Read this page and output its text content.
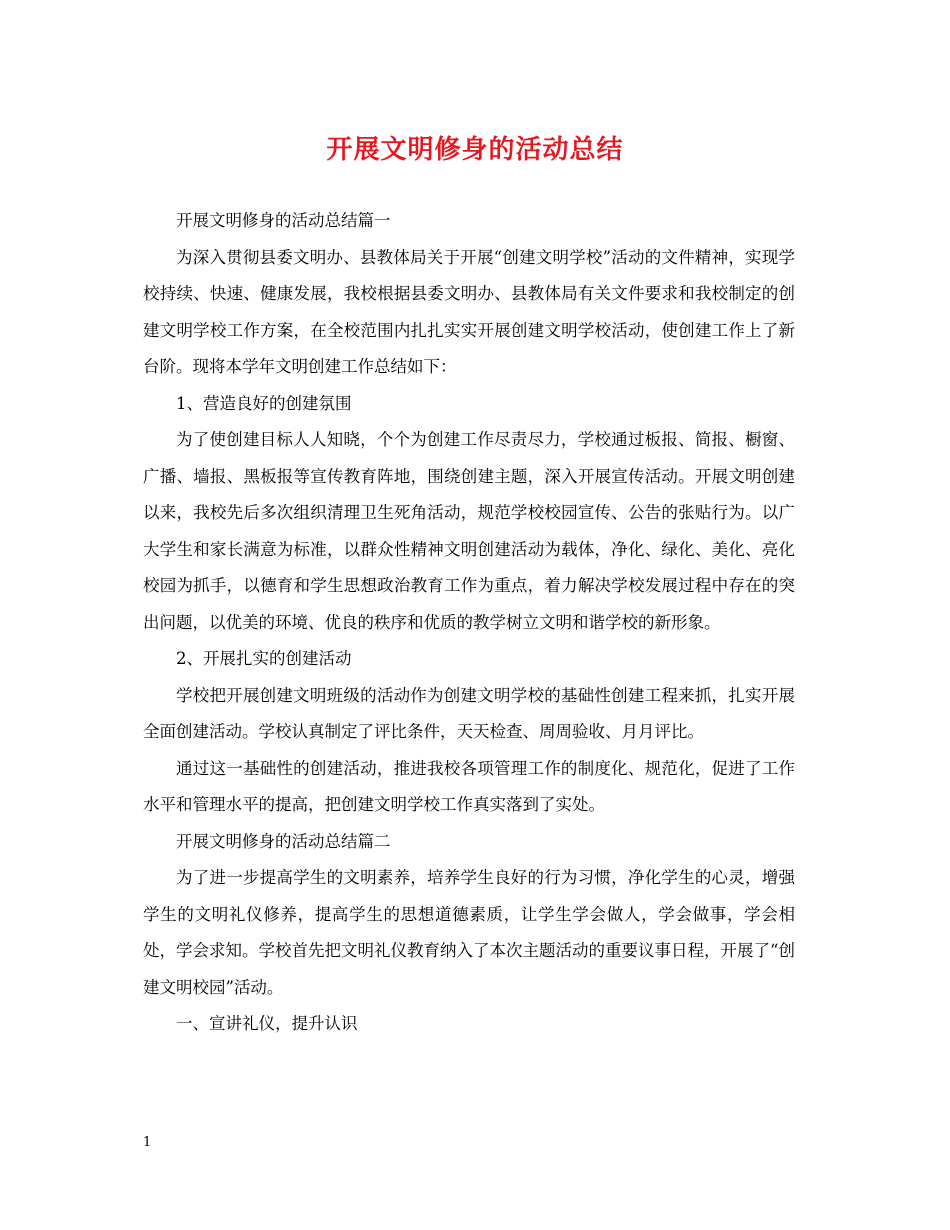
开展文明修身的活动总结

开展文明修身的活动总结篇一

为深入贯彻县委文明办、县教体局关于开展“创建文明学校”活动的文件精神，实现学校持续、快速、健康发展，我校根据县委文明办、县教体局有关文件要求和我校制定的创建文明学校工作方案，在全校范围内扎扎实实开展创建文明学校活动，使创建工作上了新台阶。现将本学年文明创建工作总结如下：

1、营造良好的创建氛围

为了使创建目标人人知晓，个个为创建工作尽责尽力，学校通过板报、简报、橱窗、广播、墙报、黑板报等宣传教育阵地，围绕创建主题，深入开展宣传活动。开展文明创建以来，我校先后多次组织清理卫生死角活动，规范学校校园宣传、公告的张贴行为。以广大学生和家长满意为标准，以群众性精神文明创建活动为载体，净化、绿化、美化、亮化校园为抓手，以德育和学生思想政治教育工作为重点，着力解决学校发展过程中存在的突出问题，以优美的环境、优良的秩序和优质的教学树立文明和谐学校的新形象。

2、开展扎实的创建活动

学校把开展创建文明班级的活动作为创建文明学校的基础性创建工程来抓，扎实开展全面创建活动。学校认真制定了评比条件，天天检查、周周验收、月月评比。

通过这一基础性的创建活动，推进我校各项管理工作的制度化、规范化，促进了工作水平和管理水平的提高，把创建文明学校工作真实落到了实处。

开展文明修身的活动总结篇二

为了进一步提高学生的文明素养，培养学生良好的行为习惯，净化学生的心灵，增强学生的文明礼仪修养，提高学生的思想道德素质，让学生学会做人，学会做事，学会相处，学会求知。学校首先把文明礼仪教育纳入了本次主题活动的重要议事日程，开展了“创建文明校园”活动。

一、宣讲礼仪，提升认识

1
